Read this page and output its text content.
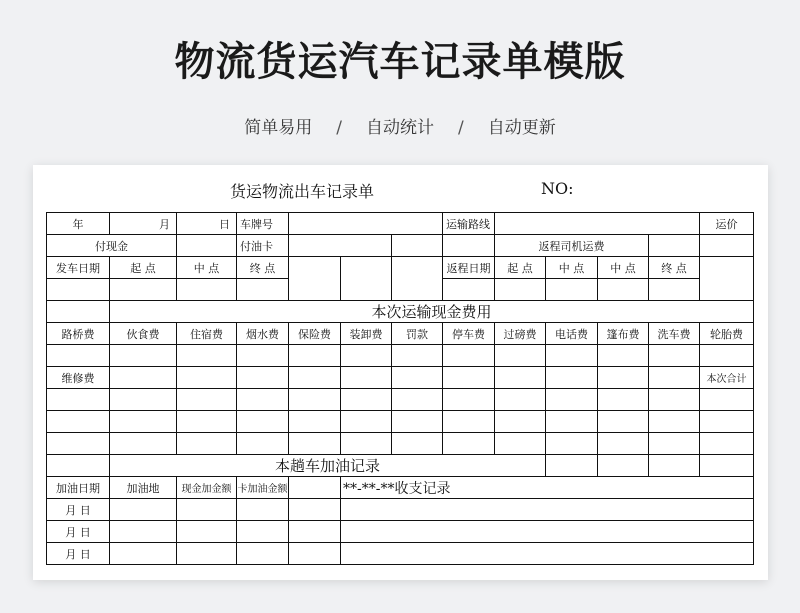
物流货运汽车记录单模版
简单易用 / 自动统计 / 自动更新
货运物流出车记录单	NO:
年	月	日	车牌号				运输路线					运价
付现金			付油卡					返程司机运费				
发车日期	起 点	中 点	终 点				返程日期	起 点	中 点	中 点	终 点	

	本次运输现金费用											
路桥费	伙食费	住宿费	烟水费	保险费	装卸费	罚款	停车费	过磅费	电话费	篷布费	洗车费	轮胎费

维修费												本次合计

	本趟车加油记录											
加油日期	加油地	现金加金额	卡加油金额		**-**-**收支记录							
月 日												
月 日												
月 日												
